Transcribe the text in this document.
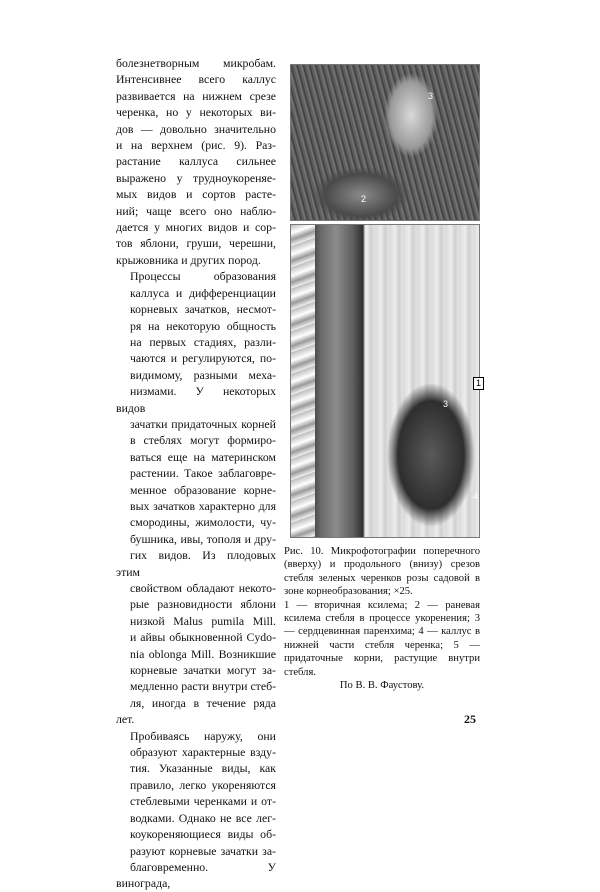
болезнетворным микробам.
Интенсивнее всего каллус
развивается на нижнем срезе
черенка, но у некоторых ви-
дов — довольно значительно
и на верхнем (рис. 9). Раз-
растание каллуса сильнее
выражено у трудноукореняе-
мых видов и сортов расте-
ний; чаще всего оно наблю-
дается у многих видов и сор-
тов яблони, груши, черешни,
крыжовника и других пород.

Процессы образования
каллуса и дифференциации
корневых зачатков, несмот-
ря на некоторую общность
на первых стадиях, разли-
чаются и регулируются, по-
видимому, разными меха-
низмами. У некоторых видов
зачатки придаточных корней
в стеблях могут формиро-
ваться еще на материнском
растении. Такое заблаговре-
менное образование корне-
вых зачатков характерно для
смородины, жимолости, чу-
бушника, ивы, тополя и дру-
гих видов. Из плодовых этим
свойством обладают некото-
рые разновидности яблони
низкой Malus pumila Mill.
и айвы обыкновенной Cydo-
nia oblonga Mill. Возникшие
корневые зачатки могут за-
медленно расти внутри стеб-
ля, иногда в течение ряда лет.
Пробиваясь наружу, они
образуют характерные взду-
тия. Указанные виды, как
правило, легко укореняются
стеблевыми черенками и от-
водками. Однако не все лег-
коукореняющиеся виды об-
разуют корневые зачатки за-
благовременно. У винограда,

3
2
1
3
4

Рис. 10. Микрофотографии поперечного (вверху) и продольного (внизу) срезов стебля зеленых черенков розы садовой в зоне корнеобразования; ×25.

1 — вторичная ксилема; 2 — раневая ксилема стебля в процессе укоренения; 3 — сердцевинная паренхима; 4 — каллус в нижней части стебля черенка; 5 — придаточные корни, растущие внутри стебля.

По В. В. Фаустову.

25
